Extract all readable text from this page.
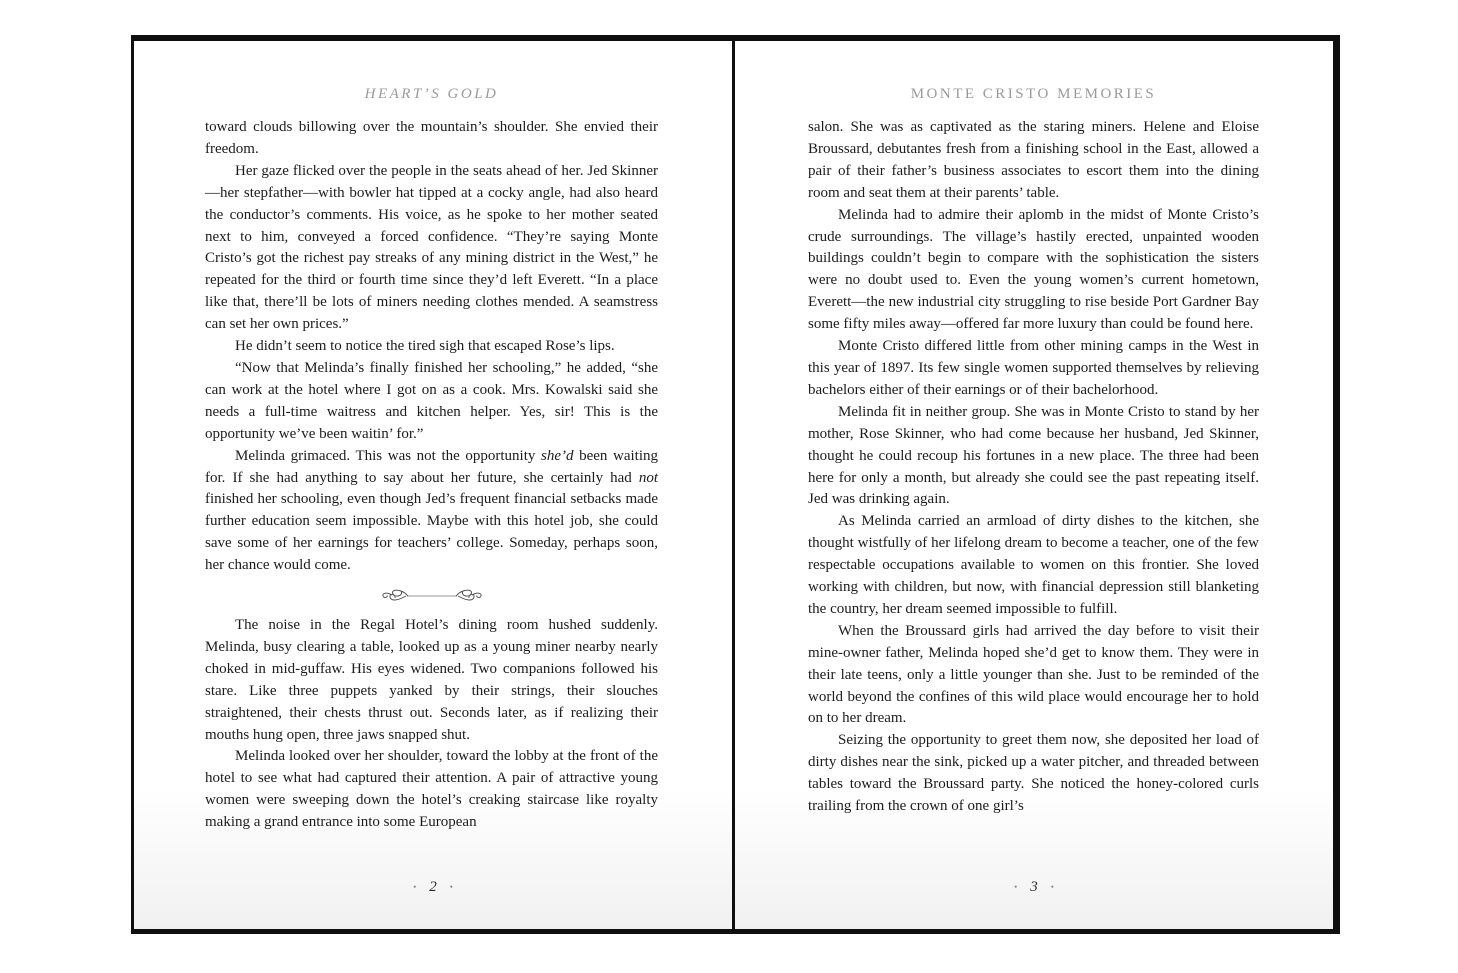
HEART’S GOLD

toward clouds billowing over the mountain’s shoulder. She envied their freedom.

Her gaze flicked over the people in the seats ahead of her. Jed Skinner—her stepfather—with bowler hat tipped at a cocky angle, had also heard the conductor’s comments. His voice, as he spoke to her mother seated next to him, conveyed a forced confidence. “They’re saying Monte Cristo’s got the richest pay streaks of any mining district in the West,” he repeated for the third or fourth time since they’d left Everett. “In a place like that, there’ll be lots of miners needing clothes mended. A seamstress can set her own prices.”

He didn’t seem to notice the tired sigh that escaped Rose’s lips.

“Now that Melinda’s finally finished her schooling,” he added, “she can work at the hotel where I got on as a cook. Mrs. Kowalski said she needs a full-time waitress and kitchen helper. Yes, sir! This is the opportunity we’ve been waitin’ for.”

Melinda grimaced. This was not the opportunity she’d been waiting for. If she had anything to say about her future, she certainly had not finished her schooling, even though Jed’s frequent financial setbacks made further education seem impossible. Maybe with this hotel job, she could save some of her earnings for teachers’ college. Someday, perhaps soon, her chance would come.

The noise in the Regal Hotel’s dining room hushed suddenly. Melinda, busy clearing a table, looked up as a young miner nearby nearly choked in mid-guffaw. His eyes widened. Two companions followed his stare. Like three puppets yanked by their strings, their slouches straightened, their chests thrust out. Seconds later, as if realizing their mouths hung open, three jaws snapped shut.

Melinda looked over her shoulder, toward the lobby at the front of the hotel to see what had captured their attention. A pair of attractive young women were sweeping down the hotel’s creaking staircase like royalty making a grand entrance into some European

• 2 •
MONTE CRISTO MEMORIES

salon. She was as captivated as the staring miners. Helene and Eloise Broussard, debutantes fresh from a finishing school in the East, allowed a pair of their father’s business associates to escort them into the dining room and seat them at their parents’ table.

Melinda had to admire their aplomb in the midst of Monte Cristo’s crude surroundings. The village’s hastily erected, unpainted wooden buildings couldn’t begin to compare with the sophistication the sisters were no doubt used to. Even the young women’s current hometown, Everett—the new industrial city struggling to rise beside Port Gardner Bay some fifty miles away—offered far more luxury than could be found here.

Monte Cristo differed little from other mining camps in the West in this year of 1897. Its few single women supported themselves by relieving bachelors either of their earnings or of their bachelorhood.

Melinda fit in neither group. She was in Monte Cristo to stand by her mother, Rose Skinner, who had come because her husband, Jed Skinner, thought he could recoup his fortunes in a new place. The three had been here for only a month, but already she could see the past repeating itself. Jed was drinking again.

As Melinda carried an armload of dirty dishes to the kitchen, she thought wistfully of her lifelong dream to become a teacher, one of the few respectable occupations available to women on this frontier. She loved working with children, but now, with financial depression still blanketing the country, her dream seemed impossible to fulfill.

When the Broussard girls had arrived the day before to visit their mine-owner father, Melinda hoped she’d get to know them. They were in their late teens, only a little younger than she. Just to be reminded of the world beyond the confines of this wild place would encourage her to hold on to her dream.

Seizing the opportunity to greet them now, she deposited her load of dirty dishes near the sink, picked up a water pitcher, and threaded between tables toward the Broussard party. She noticed the honey-colored curls trailing from the crown of one girl’s

• 3 •
